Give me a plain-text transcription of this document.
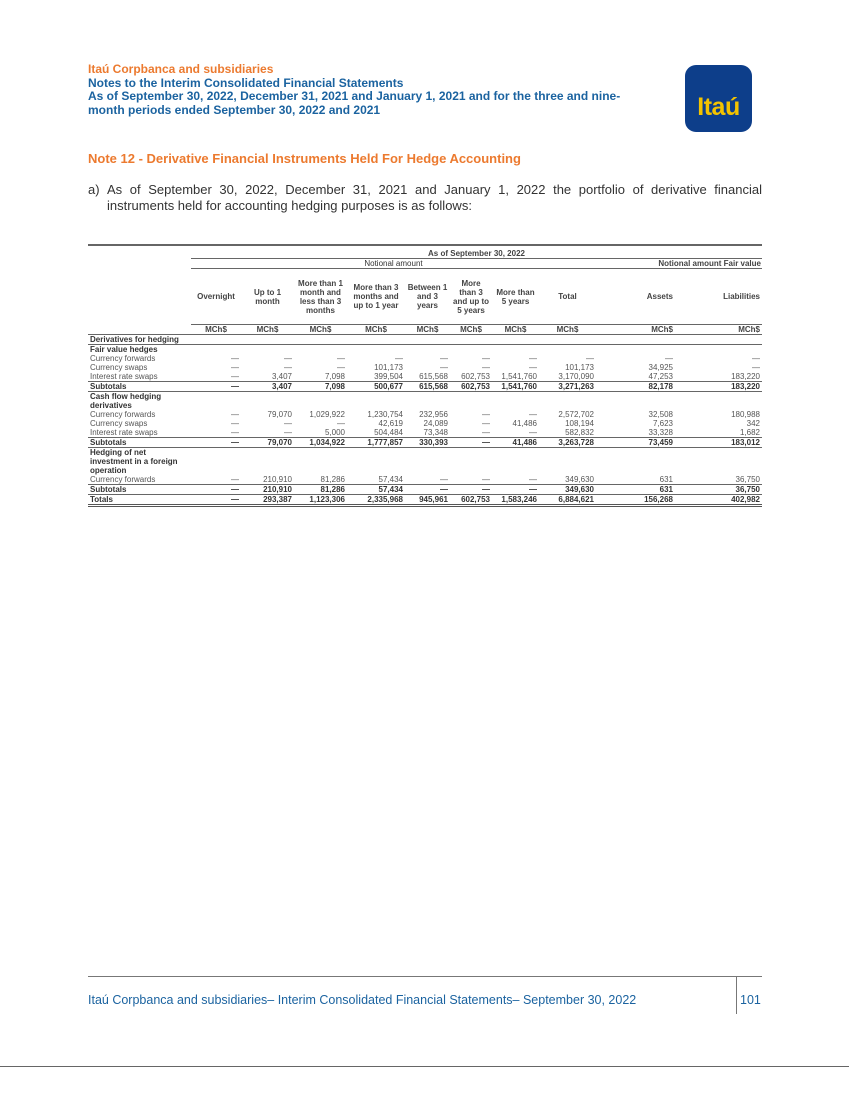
Itaú Corpbanca and subsidiaries
Notes to the Interim Consolidated Financial Statements
As of September 30, 2022, December 31, 2021 and January 1, 2021 and for the three and nine-
month periods ended September 30, 2022 and 2021	Itaú
Note 12 - Derivative Financial Instruments Held For Hedge Accounting
a) As of September 30, 2022, December 31, 2021 and January 1, 2022 the portfolio of derivative financial instruments held for accounting hedging purposes is as follows:
	As of September 30, 2022									
	Notional amount								Notional amount Fair value	
	Overnight	Up to 1 month	More than 1 month and less than 3 months	More than 3 months and up to 1 year	Between 1 and 3 years	More than 3 and up to 5 years	More than 5 years	Total	Assets	Liabilities
	MCh$	MCh$	MCh$	MCh$	MCh$	MCh$	MCh$	MCh$	MCh$	MCh$
Derivatives for hedging										
Fair value hedges										
Currency forwards	—	—	—	—	—	—	—	—	—	—
Currency swaps	—	—	—	101,173	—	—	—	101,173	34,925	—
Interest rate swaps	—	3,407	7,098	399,504	615,568	602,753	1,541,760	3,170,090	47,253	183,220
Subtotals	—	3,407	7,098	500,677	615,568	602,753	1,541,760	3,271,263	82,178	183,220
Cash flow hedging derivatives										
Currency forwards	—	79,070	1,029,922	1,230,754	232,956	—	—	2,572,702	32,508	180,988
Currency swaps	—	—	—	42,619	24,089	—	41,486	108,194	7,623	342
Interest rate swaps	—	—	5,000	504,484	73,348	—	—	582,832	33,328	1,682
Subtotals	—	79,070	1,034,922	1,777,857	330,393	—	41,486	3,263,728	73,459	183,012
Hedging of net investment in a foreign operation										
Currency forwards	—	210,910	81,286	57,434	—	—	—	349,630	631	36,750
Subtotals	—	210,910	81,286	57,434	—	—	—	349,630	631	36,750
Totals	—	293,387	1,123,306	2,335,968	945,961	602,753	1,583,246	6,884,621	156,268	402,982
Itaú Corpbanca and subsidiaries– Interim Consolidated Financial Statements– September 30, 2022	101
